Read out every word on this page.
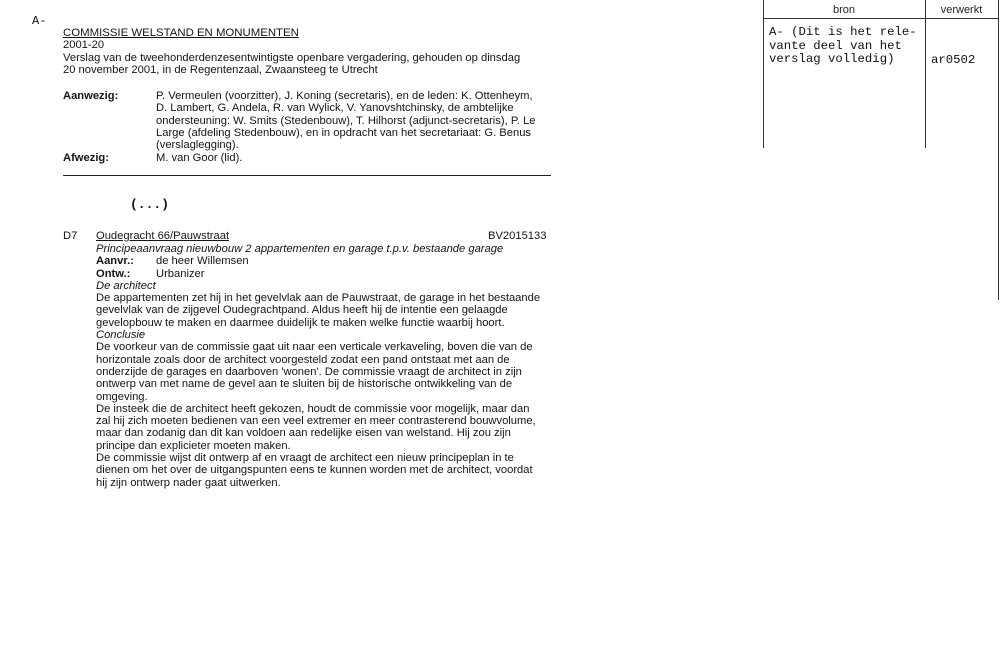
A-
COMMISSIE WELSTAND EN MONUMENTEN
2001-20
Verslag van de tweehonderdenzesentwintigste openbare vergadering, gehouden op dinsdag
20 november 2001, in de Regentenzaal, Zwaansteeg te Utrecht
Aanwezig:	P. Vermeulen (voorzitter), J. Koning (secretaris), en de leden: K. Ottenheym,
D. Lambert, G. Andela, R. van Wylick, V. Yanovshtchinsky, de ambtelijke
ondersteuning: W. Smits (Stedenbouw), T. Hilhorst (adjunct-secretaris), P. Le
Large (afdeling Stedenbouw), en in opdracht van het secretariaat: G. Benus
(verslaglegging).
Afwezig:	M. van Goor (lid).
(...)
D7 Oudegracht 66/Pauwstraat	BV2015133
Principeaanvraag nieuwbouw 2 appartementen en garage t.p.v. bestaande garage
Aanvr.:	de heer Willemsen
Ontw.:	Urbanizer
De architect
De appartementen zet hij in het gevelvlak aan de Pauwstraat, de garage in het bestaande
gevelvlak van de zijgevel Oudegrachtpand. Aldus heeft hij de intentie een gelaagde
gevelopbouw te maken en daarmee duidelijk te maken welke functie waarbij hoort.
Conclusie
De voorkeur van de commissie gaat uit naar een verticale verkaveling, boven die van de
horizontale zoals door de architect voorgesteld zodat een pand ontstaat met aan de
onderzijde de garages en daarboven 'wonen'. De commissie vraagt de architect in zijn
ontwerp van met name de gevel aan te sluiten bij de historische ontwikkeling van de
omgeving.
De insteek die de architect heeft gekozen, houdt de commissie voor mogelijk, maar dan
zal hij zich moeten bedienen van een veel extremer en meer contrasterend bouwvolume,
maar dan zodanig dan dit kan voldoen aan redelijke eisen van welstand. Hij zou zijn
principe dan explicieter moeten maken.
De commissie wijst dit ontwerp af en vraagt de architect een nieuw principeplan in te
dienen om het over de uitgangspunten eens te kunnen worden met de architect, voordat
hij zijn ontwerp nader gaat uitwerken.
bron	verwerkt
A- (Dit is het rele-
vante deel van het
verslag volledig)	ar0502
